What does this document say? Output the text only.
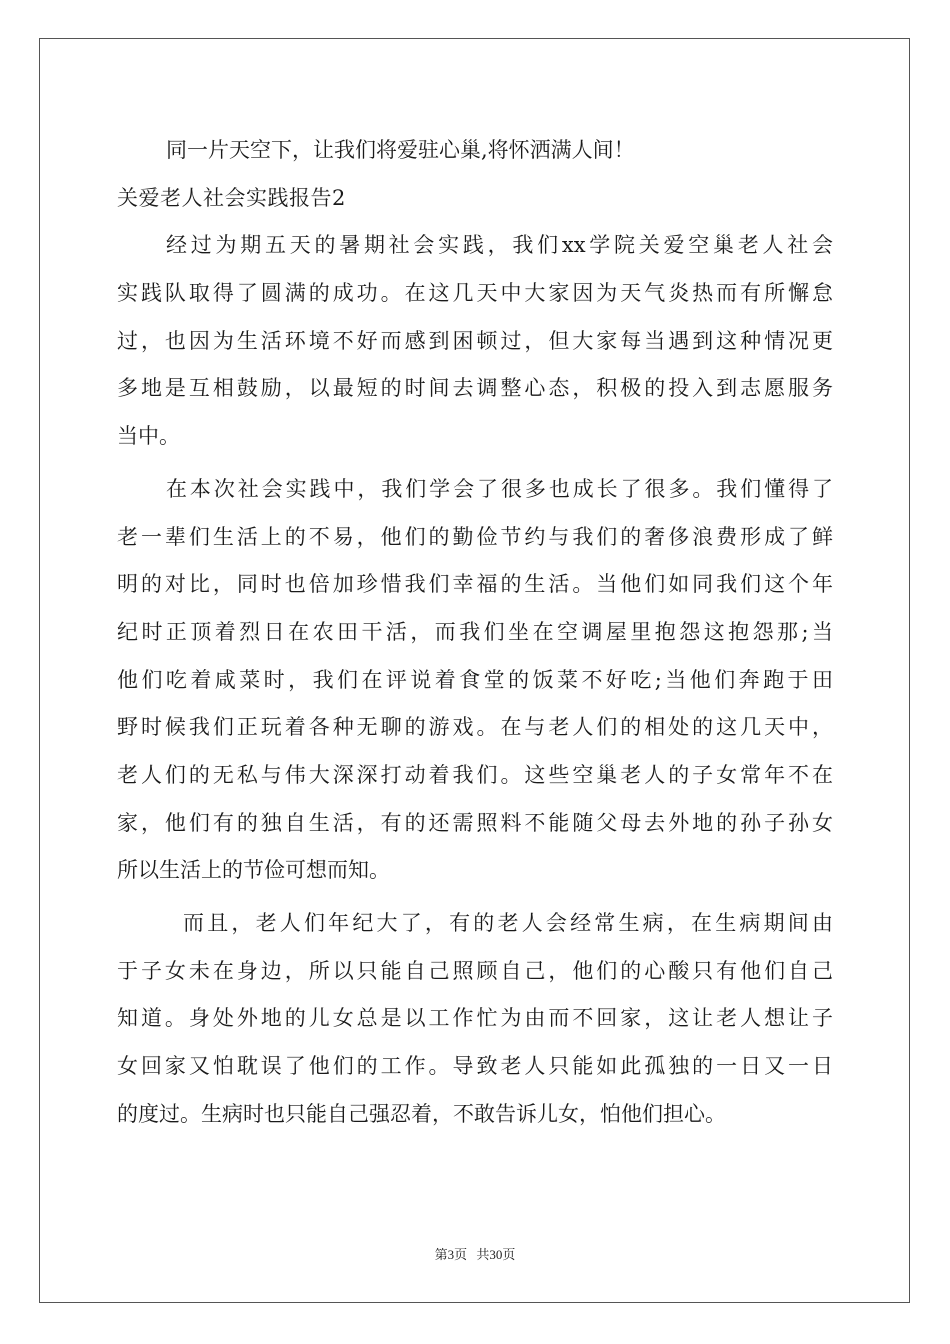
同一片天空下，让我们将爱驻心巢,将怀洒满人间！
关爱老人社会实践报告2
经过为期五天的暑期社会实践，我们xx学院关爱空巢老人社会
实践队取得了圆满的成功。在这几天中大家因为天气炎热而有所懈怠
过，也因为生活环境不好而感到困顿过，但大家每当遇到这种情况更
多地是互相鼓励，以最短的时间去调整心态，积极的投入到志愿服务
当中。
在本次社会实践中，我们学会了很多也成长了很多。我们懂得了
老一辈们生活上的不易，他们的勤俭节约与我们的奢侈浪费形成了鲜
明的对比，同时也倍加珍惜我们幸福的生活。当他们如同我们这个年
纪时正顶着烈日在农田干活，而我们坐在空调屋里抱怨这抱怨那;当
他们吃着咸菜时，我们在评说着食堂的饭菜不好吃;当他们奔跑于田
野时候我们正玩着各种无聊的游戏。在与老人们的相处的这几天中，
老人们的无私与伟大深深打动着我们。这些空巢老人的子女常年不在
家，他们有的独自生活，有的还需照料不能随父母去外地的孙子孙女
所以生活上的节俭可想而知。
而且，老人们年纪大了，有的老人会经常生病，在生病期间由
于子女未在身边，所以只能自己照顾自己，他们的心酸只有他们自己
知道。身处外地的儿女总是以工作忙为由而不回家，这让老人想让子
女回家又怕耽误了他们的工作。导致老人只能如此孤独的一日又一日
的度过。生病时也只能自己强忍着，不敢告诉儿女，怕他们担心。
第3页 共30页
